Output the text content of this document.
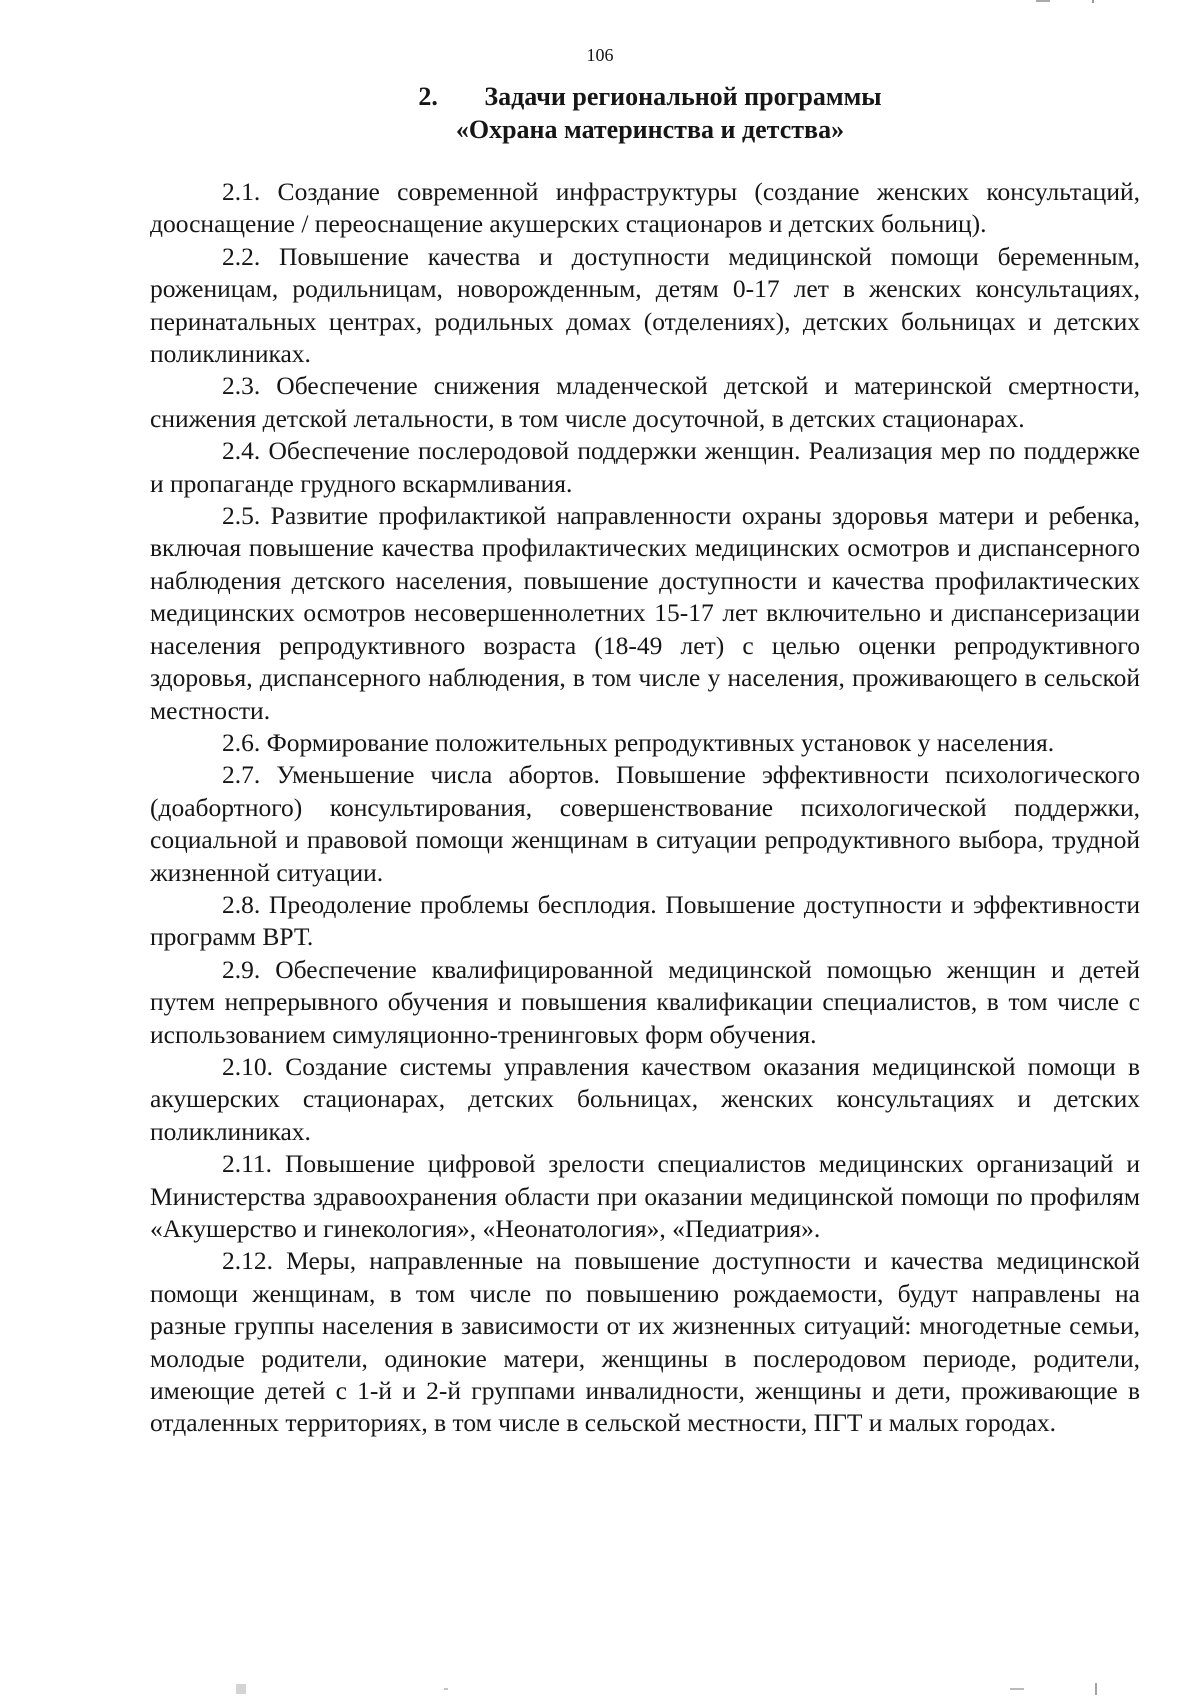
106
2. Задачи региональной программы
«Охрана материнства и детства»

2.1. Создание современной инфраструктуры (создание женских консультаций, дооснащение / переоснащение акушерских стационаров и детских больниц).

2.2. Повышение качества и доступности медицинской помощи беременным, роженицам, родильницам, новорожденным, детям 0-17 лет в женских консультациях, перинатальных центрах, родильных домах (отделениях), детских больницах и детских поликлиниках.

2.3. Обеспечение снижения младенческой детской и материнской смертности, снижения детской летальности, в том числе досуточной, в детских стационарах.

2.4. Обеспечение послеродовой поддержки женщин. Реализация мер по поддержке и пропаганде грудного вскармливания.

2.5. Развитие профилактикой направленности охраны здоровья матери и ребенка, включая повышение качества профилактических медицинских осмотров и диспансерного наблюдения детского населения, повышение доступности и качества профилактических медицинских осмотров несовершеннолетних 15-17 лет включительно и диспансеризации населения репродуктивного возраста (18-49 лет) с целью оценки репродуктивного здоровья, диспансерного наблюдения, в том числе у населения, проживающего в сельской местности.

2.6. Формирование положительных репродуктивных установок у населения.

2.7. Уменьшение числа абортов. Повышение эффективности психологического (доабортного) консультирования, совершенствование психологической поддержки, социальной и правовой помощи женщинам в ситуации репродуктивного выбора, трудной жизненной ситуации.

2.8. Преодоление проблемы бесплодия. Повышение доступности и эффективности программ ВРТ.

2.9. Обеспечение квалифицированной медицинской помощью женщин и детей путем непрерывного обучения и повышения квалификации специалистов, в том числе с использованием симуляционно-тренинговых форм обучения.

2.10. Создание системы управления качеством оказания медицинской помощи в акушерских стационарах, детских больницах, женских консультациях и детских поликлиниках.

2.11. Повышение цифровой зрелости специалистов медицинских организаций и Министерства здравоохранения области при оказании медицинской помощи по профилям «Акушерство и гинекология», «Неонатология», «Педиатрия».

2.12. Меры, направленные на повышение доступности и качества медицинской помощи женщинам, в том числе по повышению рождаемости, будут направлены на разные группы населения в зависимости от их жизненных ситуаций: многодетные семьи, молодые родители, одинокие матери, женщины в послеродовом периоде, родители, имеющие детей с 1-й и 2-й группами инвалидности, женщины и дети, проживающие в отдаленных территориях, в том числе в сельской местности, ПГТ и малых городах.
